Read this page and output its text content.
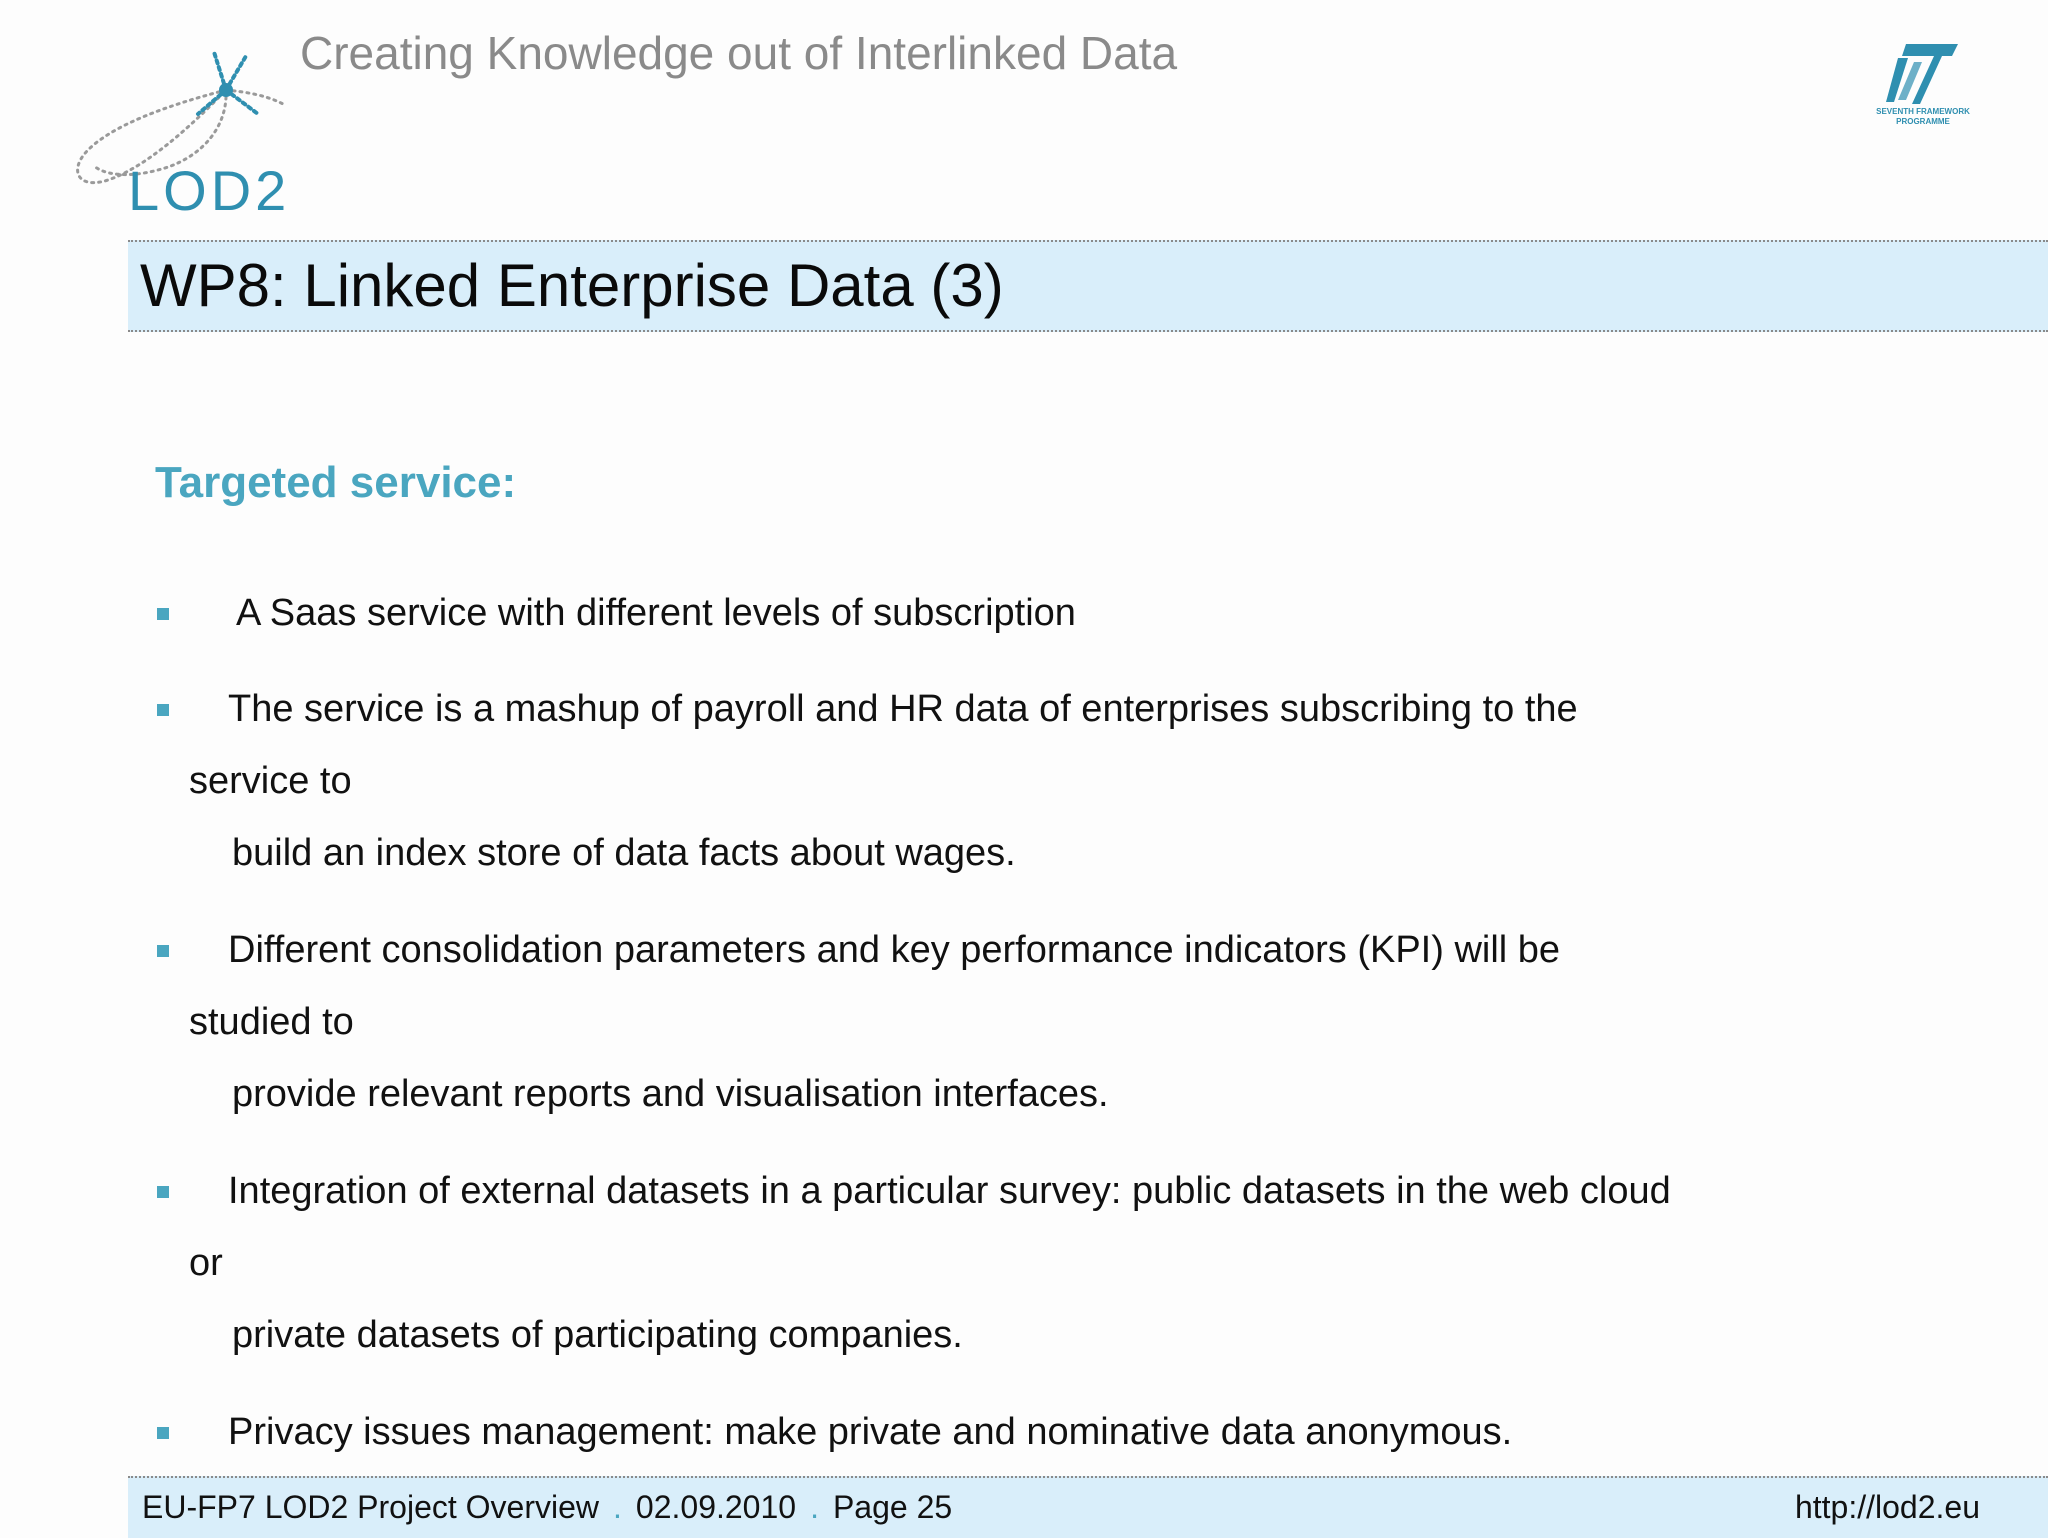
LOD2
Creating Knowledge out of Interlinked Data
SEVENTH FRAMEWORK
PROGRAMME
WP8: Linked Enterprise Data (3)
Targeted service:
A Saas service with different levels of subscription
The service is a mashup of payroll and HR data of enterprises subscribing to the
service to
build an index store of data facts about wages.
Different consolidation parameters and key performance indicators (KPI) will be
studied to
provide relevant reports and visualisation interfaces.
Integration of external datasets in a particular survey: public datasets in the web cloud
or
private datasets of participating companies.
Privacy issues management: make private and nominative data anonymous.
EU-FP7 LOD2 Project Overview . 02.09.2010 . Page 25	http://lod2.eu
